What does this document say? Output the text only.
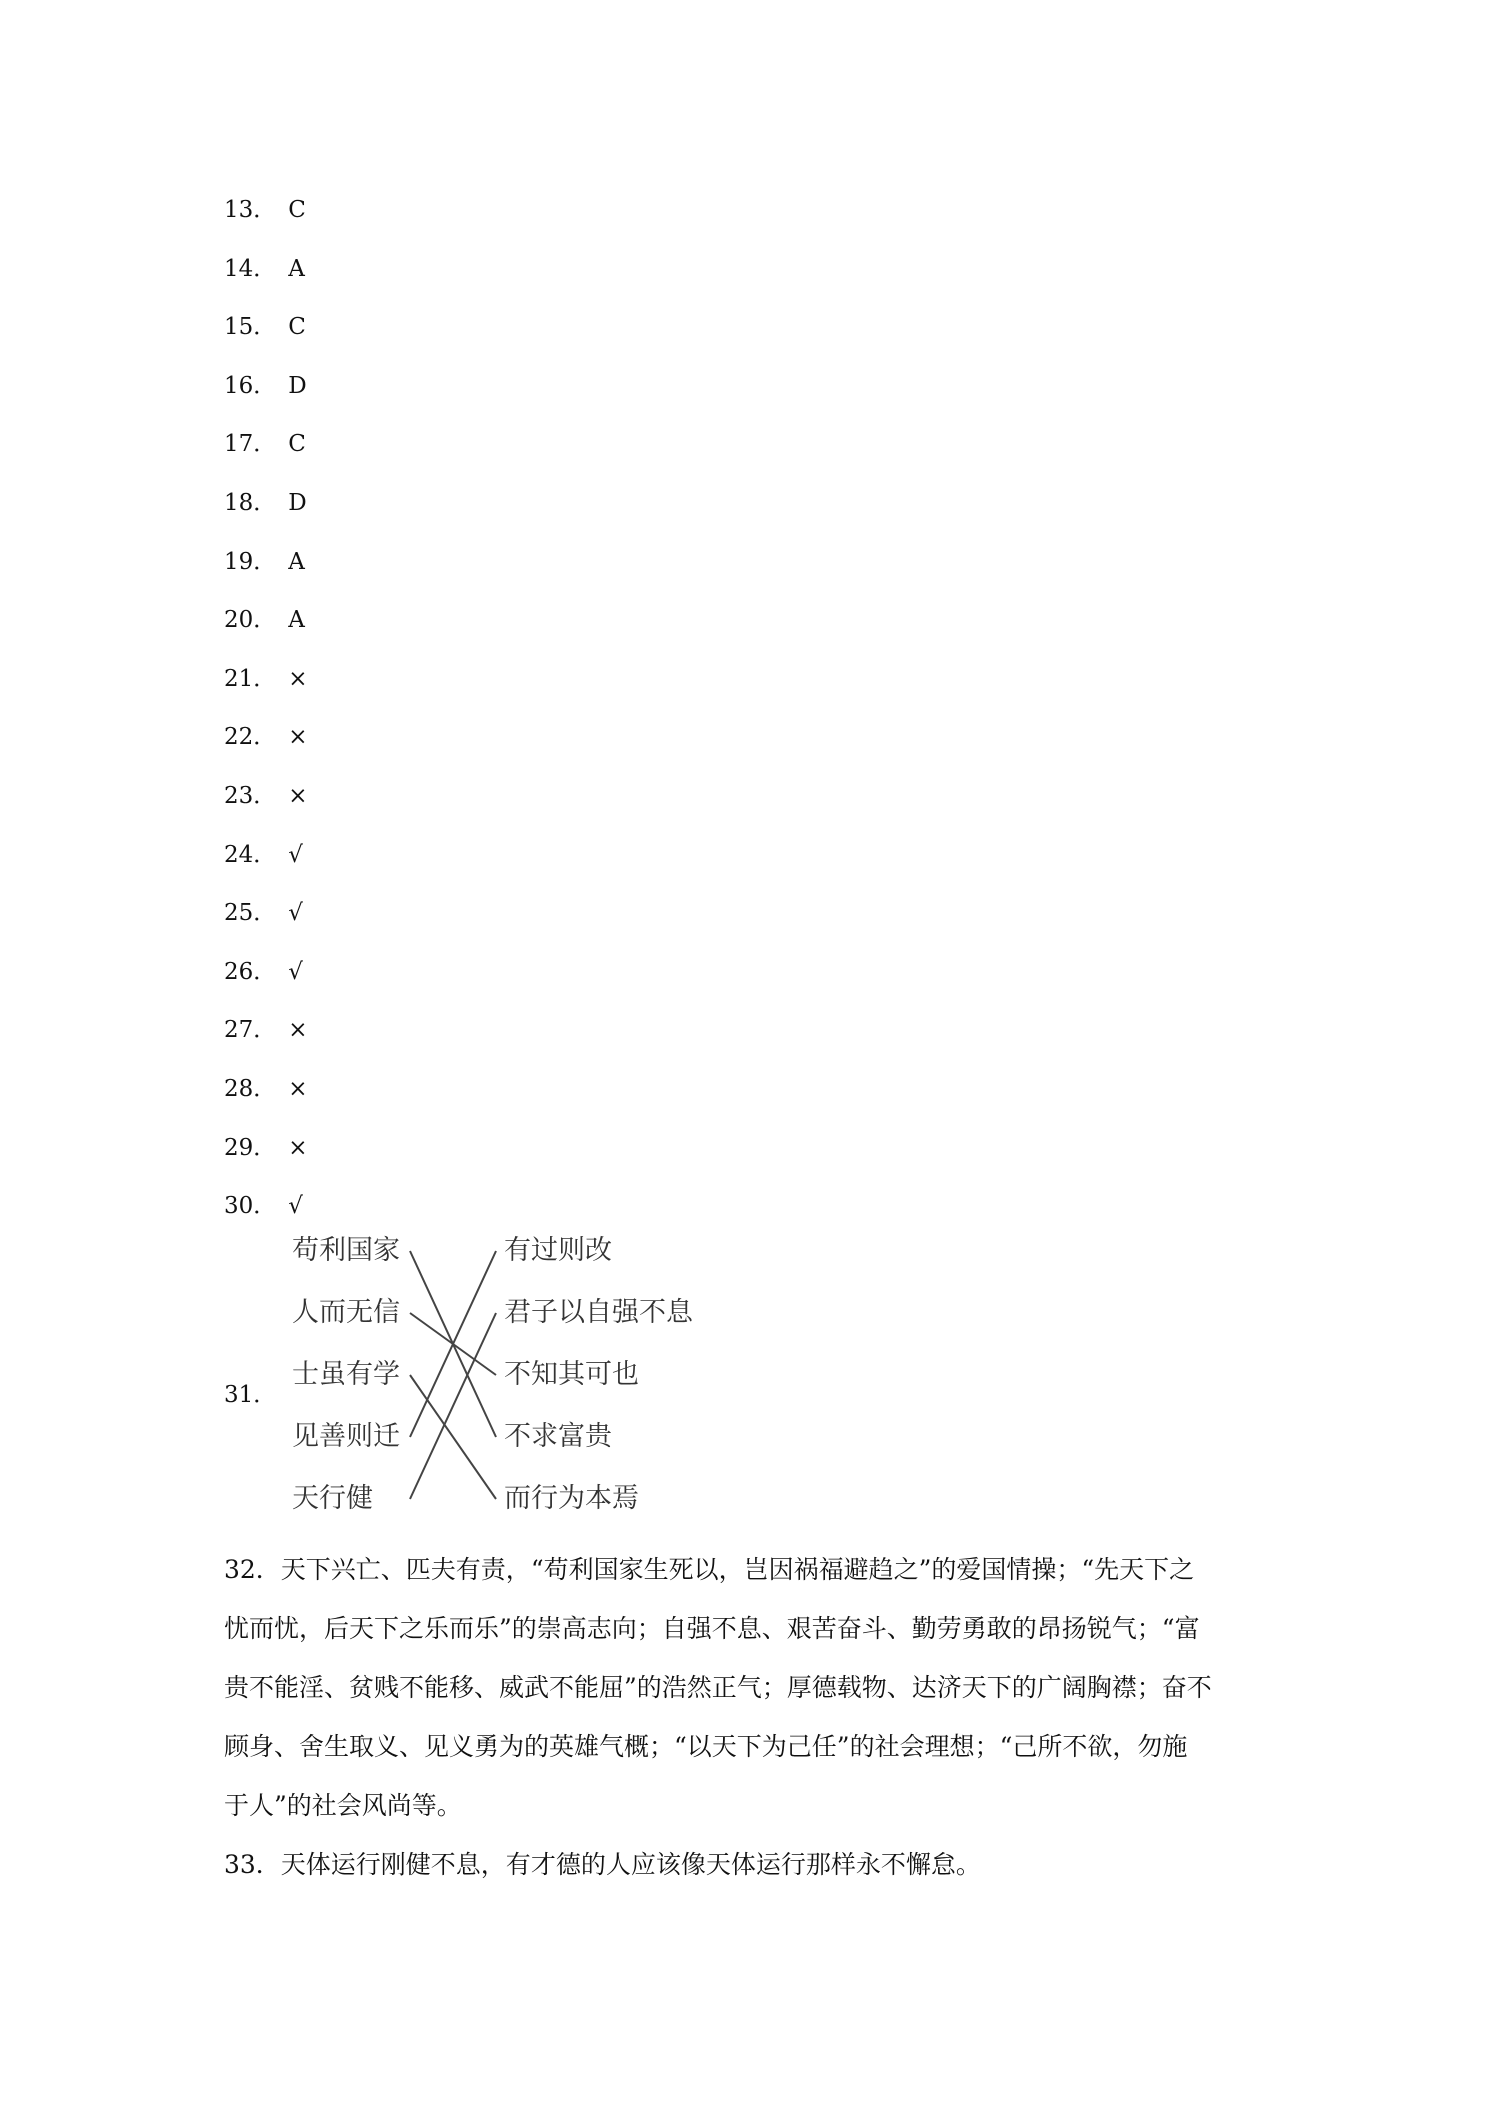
13． C
14． A
15． C
16． D
17． C
18． D
19． A
20． A
21． ×
22． ×
23． ×
24． √
25． √
26． √
27． ×
28． ×
29． ×
30． √
31．
苟利国家
人而无信
士虽有学
见善则迁
天行健
有过则改
君子以自强不息
不知其可也
不求富贵
而行为本焉
32．天下兴亡、匹夫有责，“苟利国家生死以，岂因祸福避趋之”的爱国情操；“先天下之
忧而忧，后天下之乐而乐”的崇高志向；自强不息、艰苦奋斗、勤劳勇敢的昂扬锐气；“富
贵不能淫、贫贱不能移、威武不能屈”的浩然正气；厚德载物、达济天下的广阔胸襟；奋不
顾身、舍生取义、见义勇为的英雄气概；“以天下为己任”的社会理想；“己所不欲，勿施
于人”的社会风尚等。
33．天体运行刚健不息，有才德的人应该像天体运行那样永不懈怠。
